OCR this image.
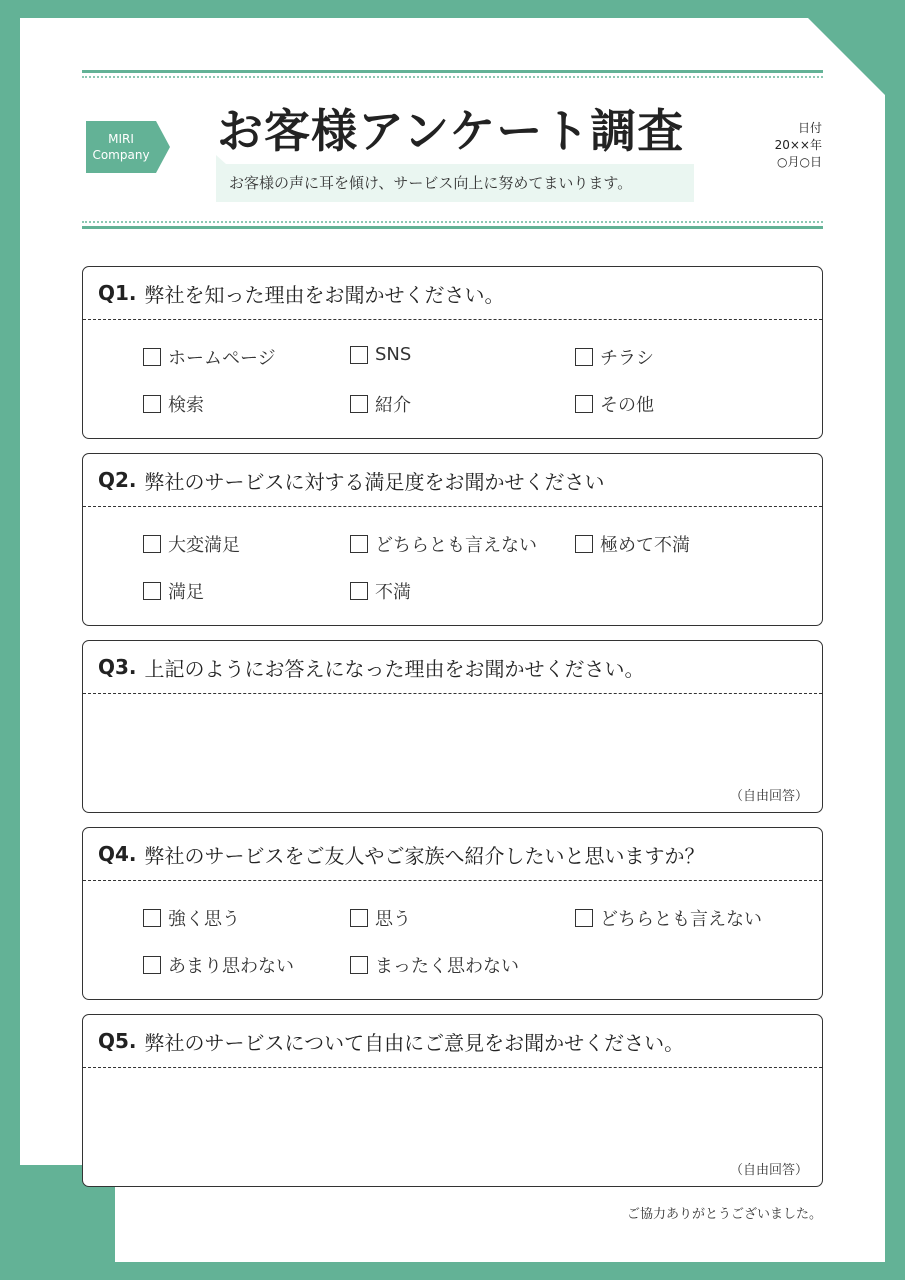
MIRI
Company お客様アンケート調査
お客様の声に耳を傾け、サービス向上に努めてまいります。
日付
20××年
○月○日
Q1. 弊社を知った理由をお聞かせください。
ホームページ	SNS	チラシ
検索	紹介	その他
Q2. 弊社のサービスに対する満足度をお聞かせください
大変満足	どちらとも言えない	極めて不満
満足	不満
Q3. 上記のようにお答えになった理由をお聞かせください。
（自由回答）
Q4. 弊社のサービスをご友人やご家族へ紹介したいと思いますか？
強く思う	思う	どちらとも言えない
あまり思わない	まったく思わない
Q5. 弊社のサービスについて自由にご意見をお聞かせください。
（自由回答）
ご協力ありがとうございました。
